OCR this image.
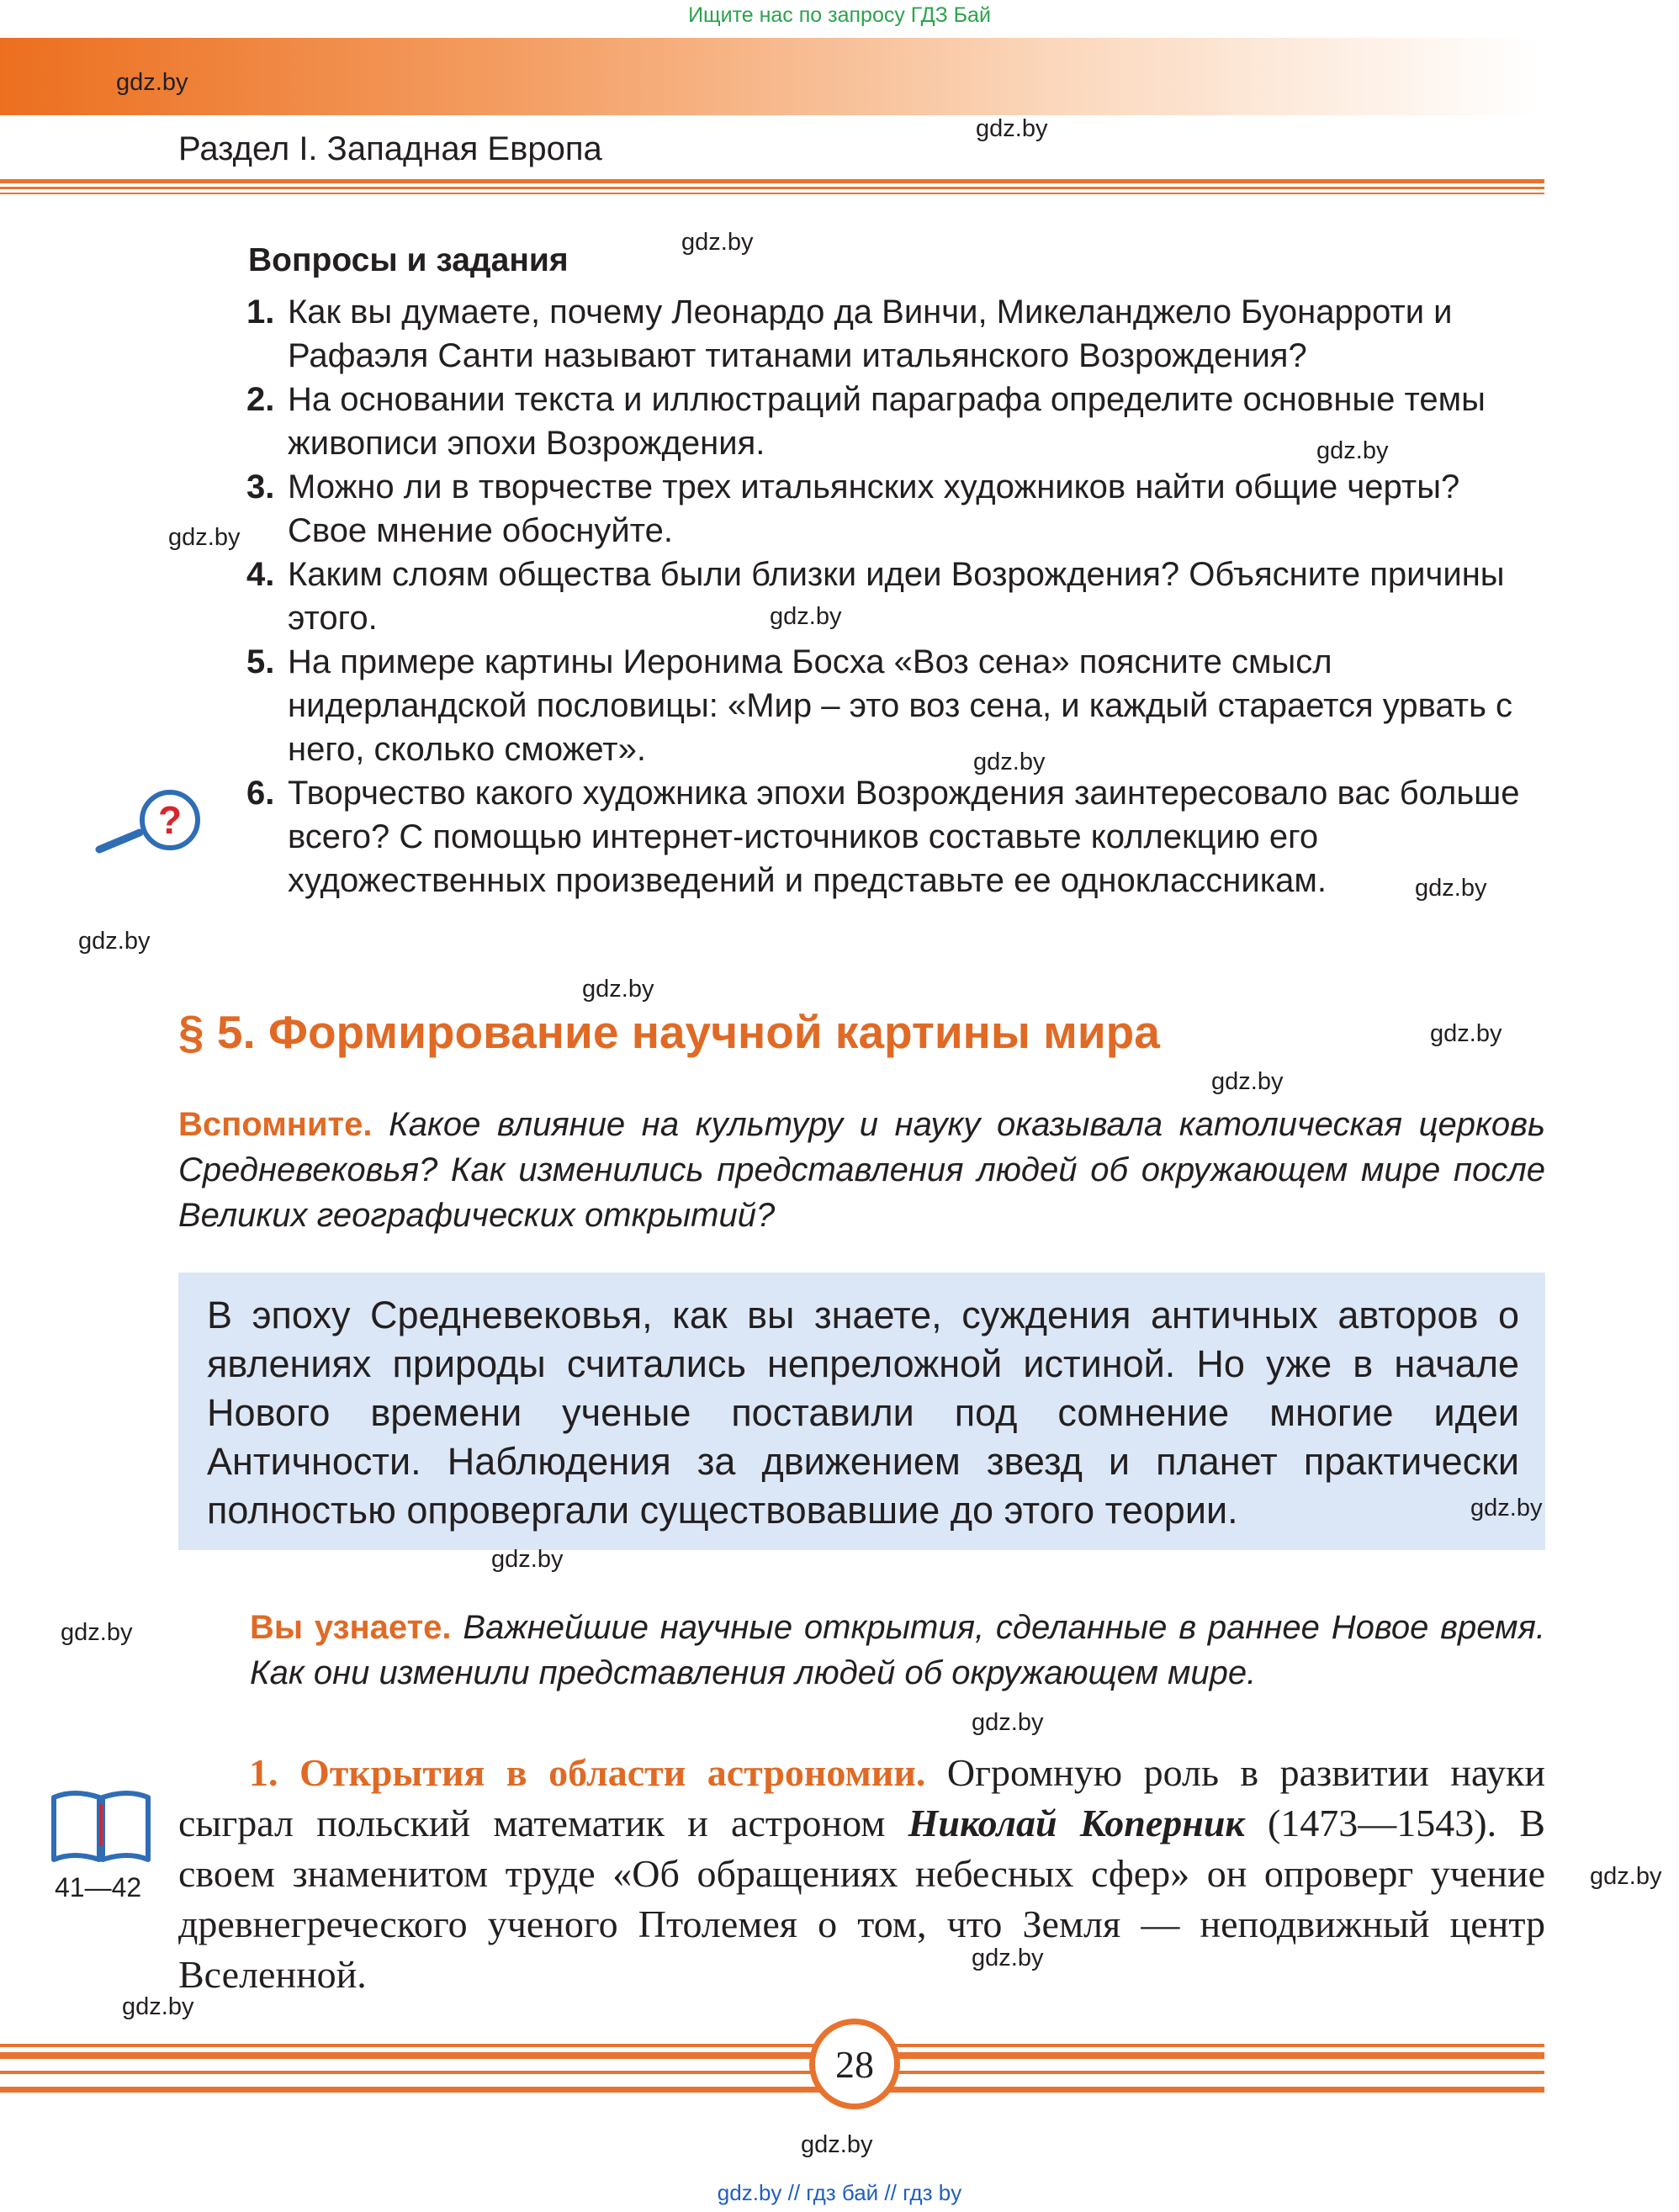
Ищите нас по запросу ГДЗ Бай
gdz.by
gdz.by
Раздел I. Западная Европа
Вопросы и задания	gdz.by
1. Как вы думаете, почему Леонардо да Винчи, Микеланджело Буонарроти и Рафаэля Санти называют титанами итальянского Возрождения?
2. На основании текста и иллюстраций параграфа определите основные темы живописи эпохи Возрождения.
3. Можно ли в творчестве трех итальянских художников найти общие черты? Свое мнение обоснуйте.
4. Каким слоям общества были близки идеи Возрождения? Объясните причины этого.
5. На примере картины Иеронима Босха «Воз сена» поясните смысл нидерландской пословицы: «Мир – это воз сена, и каждый старается урвать с него, сколько сможет».
6. Творчество какого художника эпохи Возрождения заинтересовало вас больше всего? С помощью интернет-источников составьте коллекцию его художественных произведений и представьте ее одноклассникам.
gdz.by
gdz.by
gdz.by
gdz.by
gdz.by
gdz.by
gdz.by
?
§ 5. Формирование научной картины мира	gdz.by
gdz.by
Вспомните. Какое влияние на культуру и науку оказывала католическая церковь Средневековья? Как изменились представления людей об окружающем мире после Великих географических открытий?
В эпоху Средневековья, как вы знаете, суждения античных авторов о явлениях природы считались непреложной истиной. Но уже в начале Нового времени ученые поставили под сомнение многие идеи Античности. Наблюдения за движением звезд и планет практически полностью опровергали существовавшие до этого теории.	gdz.by
gdz.by
gdz.by	Вы узнаете. Важнейшие научные открытия, сделанные в раннее Новое время. Как они изменили представления людей об окружающем мире.
gdz.by
41—42
1. Открытия в области астрономии. Огромную роль в развитии науки сыграл польский математик и астроном Николай Коперник (1473—1543). В своем знаменитом труде «Об обращениях небесных сфер» он опроверг учение древнегреческого ученого Птолемея о том, что Земля — неподвижный центр Вселенной.
gdz.by
gdz.by
gdz.by
28
gdz.by
gdz.by // гдз бай // гдз by
